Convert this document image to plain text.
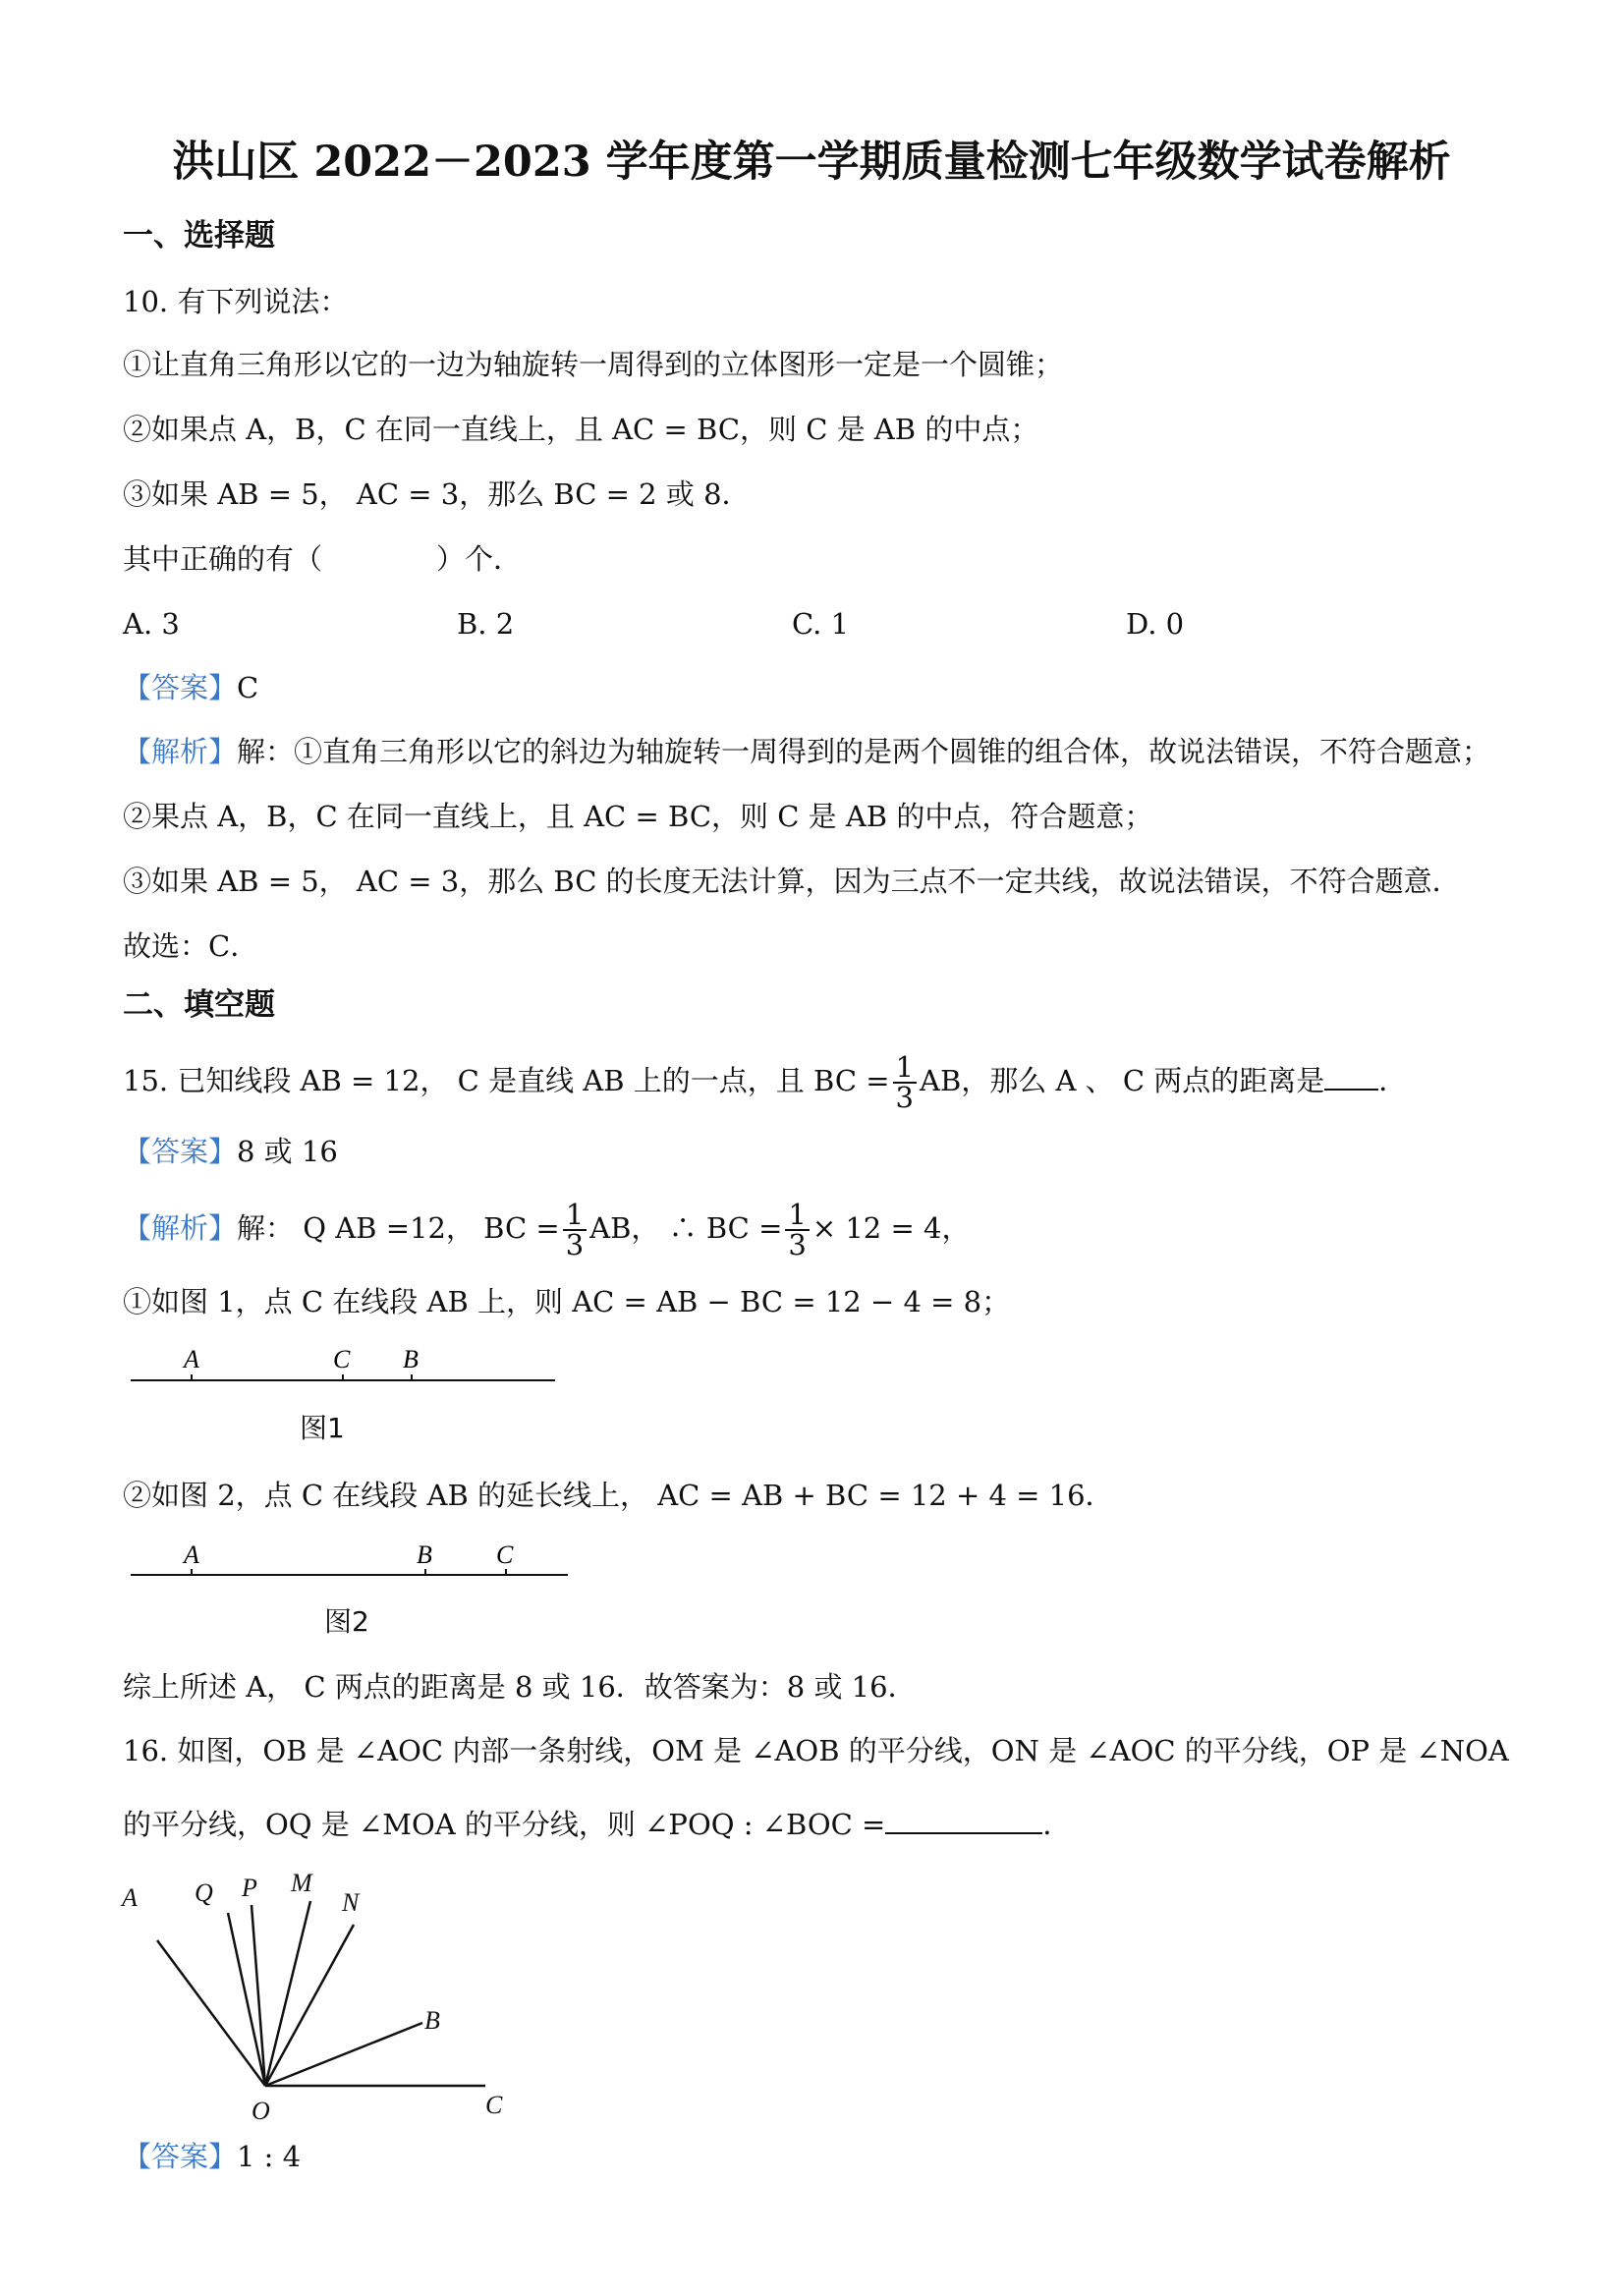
洪山区 2022－2023 学年度第一学期质量检测七年级数学试卷解析
一、选择题
10. 有下列说法：
①让直角三角形以它的一边为轴旋转一周得到的立体图形一定是一个圆锥；
②如果点 A，B，C 在同一直线上，且 AC = BC，则 C 是 AB 的中点；
③如果 AB = 5， AC = 3，那么 BC = 2 或 8．
其中正确的有（　　　　）个．
A. 3	B. 2	C. 1	D. 0
【答案】C
【解析】解：①直角三角形以它的斜边为轴旋转一周得到的是两个圆锥的组合体，故说法错误，不符合题意；
②果点 A，B，C 在同一直线上，且 AC = BC，则 C 是 AB 的中点，符合题意；
③如果 AB = 5， AC = 3，那么 BC 的长度无法计算，因为三点不一定共线，故说法错误，不符合题意．
故选：C．
二、填空题
15. 已知线段 AB = 12， C 是直线 AB 上的一点，且 BC = $\frac{1}{3}$ AB，那么 A 、 C 两点的距离是 ．
【答案】8 或 16
【解析】解： Q AB =12， BC = $\frac{1}{3}$ AB， ∴ BC = $\frac{1}{3} \times 12 = 4$，
①如图 1，点 C 在线段 AB 上，则 AC = AB − BC = 12 − 4 = 8；
A	C B
图1
②如图 2，点 C 在线段 AB 的延长线上， AC = AB + BC = 12 + 4 = 16．
A	B	C
图2
综上所述 A， C 两点的距离是 8 或 16．故答案为：8 或 16．
16. 如图，OB 是 ∠AOC 内部一条射线，OM 是 ∠AOB 的平分线，ON 是 ∠AOC 的平分线，OP 是 ∠NOA
的平分线，OQ 是 ∠MOA 的平分线，则 ∠POQ : ∠BOC =	．
A Q P M
N
B
O	C
【答案】1 : 4
